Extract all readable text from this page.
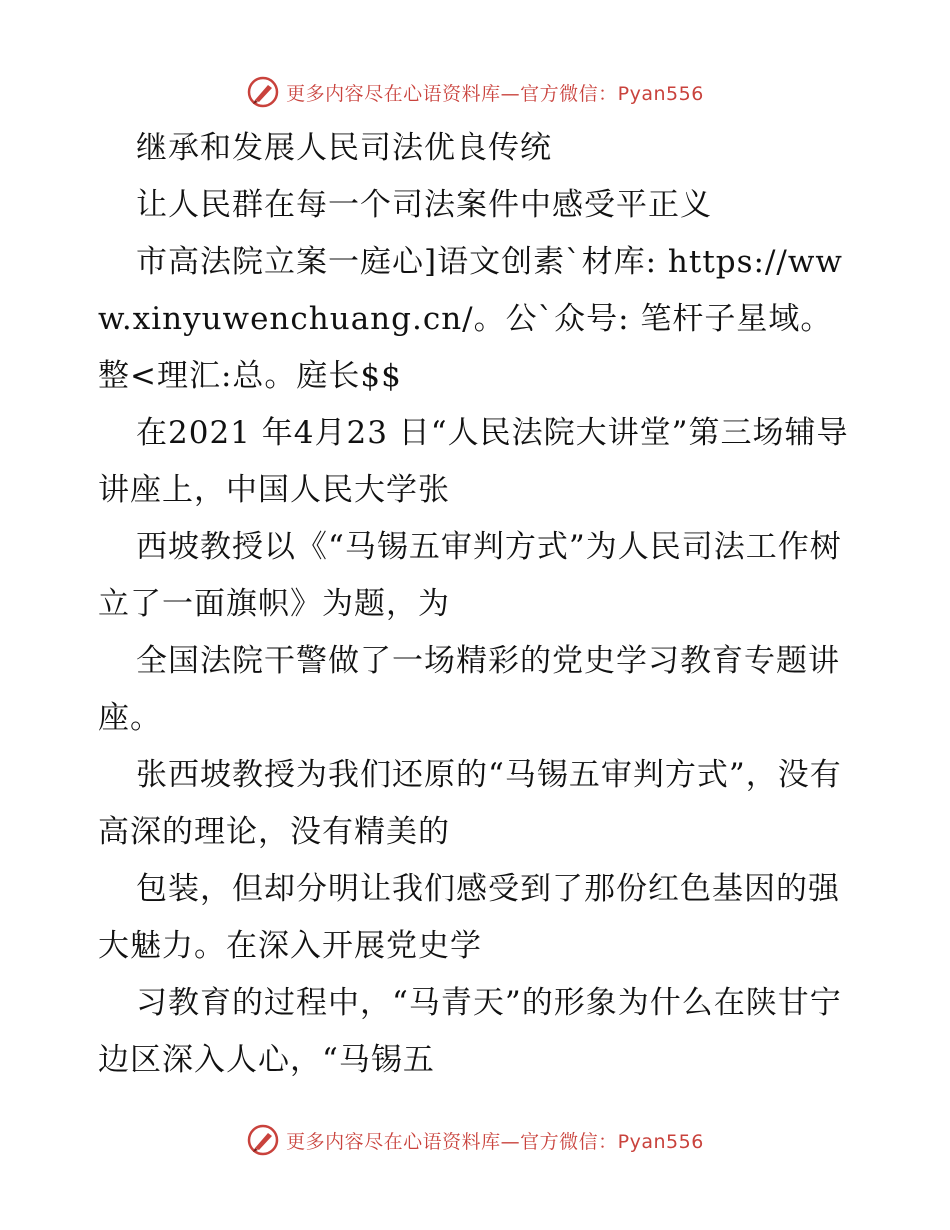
更多内容尽在心语资料库—官方微信：Pyan556

继承和发展人民司法优良传统

让人民群在每一个司法案件中感受平正义

市高法院立案一庭心]语文创素`材库: https://www.xinyuwenchuang.cn/。公`众号: 笔杆子星域。整<理汇:总。庭长$$

在2021 年4月23 日“人民法院大讲堂”第三场辅导讲座上，中国人民大学张

西坡教授以《“马锡五审判方式”为人民司法工作树立了一面旗帜》为题，为

全国法院干警做了一场精彩的党史学习教育专题讲座。

张西坡教授为我们还原的“马锡五审判方式”，没有高深的理论，没有精美的

包装，但却分明让我们感受到了那份红色基因的强大魅力。在深入开展党史学

习教育的过程中，“马青天”的形象为什么在陕甘宁边区深入人心，“马锡五

更多内容尽在心语资料库—官方微信：Pyan556
